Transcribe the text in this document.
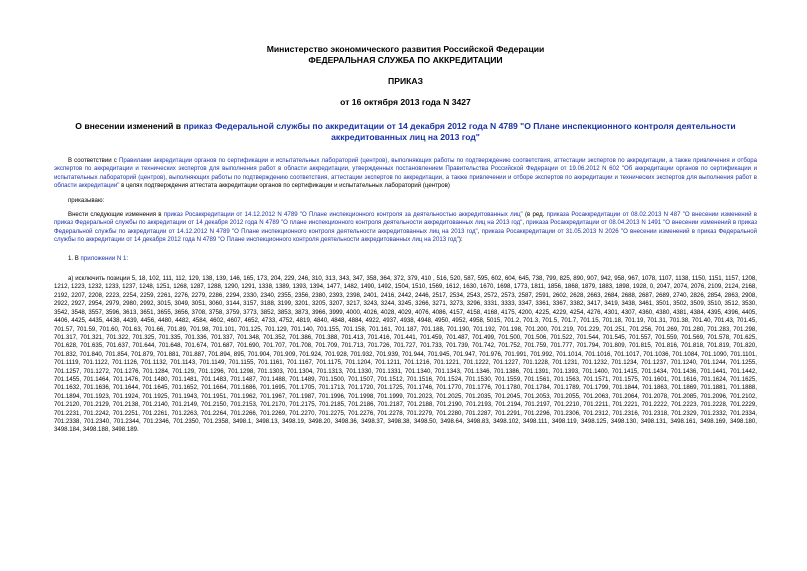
Министерство экономического развития Российской Федерации
ФЕДЕРАЛЬНАЯ СЛУЖБА ПО АККРЕДИТАЦИИ
ПРИКАЗ
от 16 октября 2013 года N 3427
О внесении изменений в приказ Федеральной службы по аккредитации от 14 декабря 2012 года N 4789 "О Плане инспекционного контроля деятельности аккредитованных лиц на 2013 год"
В соответствии с Правилами аккредитации органов по сертификации и испытательных лабораторий (центров), выполняющих работы по подтверждению соответствия, аттестации экспертов по аккредитации, а также привлечения и отбора экспертов по аккредитации и технических экспертов для выполнения работ в области аккредитации, утвержденных постановлением Правительства Российской Федерации от 19.06.2012 N 602 "Об аккредитации органов по сертификации и испытательных лабораторий (центров), выполняющих работы по подтверждению соответствия, аттестации экспертов по аккредитации, а также привлечении и отборе экспертов по аккредитации и технических экспертов для выполнения работ в области аккредитации" в целях подтверждения аттестата аккредитации органов по сертификации и испытательных лабораторий (центров)
приказываю:
Внести следующие изменения в приказ Росаккредитации от 14.12.2012 N 4789 "О Плане инспекционного контроля за деятельностью аккредитованных лиц" (в ред. приказа Росаккредитации от 08.02.2013 N 487 "О внесении изменений в приказ Федеральной службы по аккредитации от 14 декабря 2012 года N 4789 "О плане инспекционного контроля деятельности аккредитованных лиц на 2013 год", приказа Росаккредитации от 08.04.2013 N 1491 "О внесении изменений в приказ Федеральной службы по аккредитации от 14.12.2012 N 4789 "О Плане инспекционного контроля деятельности аккредитованных лиц на 2013 год", приказа Росаккредитации от 31.05.2013 N 2026 "О внесении изменений в приказ Федеральной службы по аккредитации от 14 декабря 2012 года N 4789 "О Плане инспекционного контроля деятельности аккредитованных лиц на 2013 год"):
1. В приложении N 1:
а) исключить позиции 5, 18, 102, 111, 112, 129, 138, 139, 146, 165, 173, 204, 229, 246, 310, 313, 343, 347, 358, 364, 372, 379, 410 , 516, 520, 587, 595, 602, 604, 645, 738, 799, 825, 890, 907, 942, 958, 967, 1078, 1107, 1138, 1150, 1151, 1157, 1208, 1212, 1223, 1232, 1233, 1237, 1248, 1251, 1268, 1287, 1288, 1290, 1291, 1338, 1389, 1393, 1394, 1477, 1482, 1490, 1492, 1504, 1510, 1569, 1612, 1630, 1670, 1698, 1773, 1811, 1856, 1868, 1879, 1883, 1898, 1928, 0, 2047, 2074, 2076, 2109, 2124, 2168, 2192, 2207, 2208, 2223, 2254, 2259, 2261, 2276, 2279, 2286, 2294, 2330, 2340, 2355, 2356, 2380, 2393, 2398, 2401, 2416, 2442, 2446, 2517, 2534, 2543, 2572, 2573, 2587, 2591, 2602, 2628, 2663, 2684, 2688, 2687, 2689, 2740, 2826, 2854, 2863, 2908, 2922, 2927, 2954, 2979, 2980, 2992, 3015, 3049, 3051, 3060, 3144, 3157, 3188, 3199, 3201, 3205, 3207, 3217, 3243, 3244, 3245, 3266, 3271, 3273, 3296, 3331, 3333, 3347, 3361, 3367, 3382, 3417, 3419, 3438, 3461, 3501, 3502, 3509, 3510, 3512, 3530, 3542, 3548, 3557, 3596, 3613, 3651, 3655, 3656, 3708, 3758, 3759, 3773, 3852, 3853, 3873, 3966, 3999, 4000, 4026, 4028, 4029, 4076, 4086, 4157, 4158, 4168, 4175, 4200, 4225, 4229, 4254, 4276, 4301, 4307, 4360, 4380, 4381, 4384, 4395, 4396, 4405, 4406, 4425, 4435, 4438, 4439, 4456, 4480, 4482, 4584, 4602, 4607, 4652, 4733, 4752, 4819, 4840, 4848, 4884, 4922, 4937, 4938, 4948, 4950, 4952, 4958, 5015, 701.2, 701.3, 701.5, 701.7, 701.15, 701.18, 701.19, 701.31, 701.38, 701.40, 701.43, 701.45, 701.57, 701.59, 701.60, 701.63, 701.66, 701.89, 701.98, 701.101, 701.125, 701.129, 701.140, 701.155, 701.158, 701.161, 701.187, 701.188, 701.190, 701.192, 701.198, 701.200, 701.219, 701.229, 701.251, 701.256, 701.269, 701.280, 701.283, 701.298, 701.317, 701.321, 701.322, 701.325, 701.335, 701.336, 701.337, 701.348, 701.352, 701.386, 701.388, 701.413, 701.416, 701.441, 701.459, 701.487, 701.499, 701.500, 701.506, 701.522, 701.544, 701.545, 701.557, 701.559, 701.569, 701.578, 701.625, 701.628, 701.635, 701.637, 701.644, 701.648, 701.674, 701.687, 701.690, 701.707, 701.708, 701.709, 701.713, 701.726, 701.727, 701.733, 701.739, 701.742, 701.752, 701.759, 701.777, 701.794, 701.809, 701.815, 701.816, 701.818, 701.819, 701.820, 701.832, 701.840, 701.854, 701.879, 701.881, 701.887, 701.894, 895, 701.904, 701.909, 701.924, 701.928, 701.932, 701.939, 701.944, 701.945, 701.947, 701.976, 701.991, 701.992, 701.1014, 701.1016, 701.1017, 701.1036, 701.1084, 701.1090, 701.1101, 701.1119, 701.1122, 701.1126, 701.1132, 701.1143, 701.1149, 701.1155, 701.1161, 701.1167, 701.1175, 701.1204, 701.1211, 701.1216, 701.1221, 701.1222, 701.1227, 701.1228, 701.1231, 701.1232, 701.1234, 701.1237, 701.1240, 701.1244, 701.1255, 701.1257, 701.1272, 701.1276, 701.1284, 701.129, 701.1296, 701.1298, 701.1303, 701.1304, 701.1313, 701.1330, 701.1331, 701.1340, 701.1343, 701.1346, 701.1386, 701.1391, 701.1393, 701.1400, 701.1415, 701.1434, 701.1436, 701.1441, 701.1442, 701.1455, 701.1464, 701.1476, 701.1480, 701.1481, 701.1483, 701.1487, 701.1488, 701.1489, 701.1500, 701.1507, 701.1512, 701.1516, 701.1524, 701.1530, 701.1559, 701.1561, 701.1563, 701.1571, 701.1575, 701.1601, 701.1616, 701.1624, 701.1625, 701.1632, 701.1636, 701.1644, 701.1645, 701.1652, 701.1664, 701.1686, 701.1695, 701.1705, 701.1713, 701.1720, 701.1725, 701.1746, 701.1770, 701.1776, 701.1780, 701.1784, 701.1789, 701.1799, 701.1844, 701.1863, 701.1869, 701.1881, 701.1888, 701.1894, 701.1923, 701.1924, 701.1925, 701.1943, 701.1951, 701.1962, 701.1967, 701.1987, 701.1996, 701.1998, 701.1999, 701.2023, 701.2025, 701.2035, 701.2045, 701.2053, 701.2055, 701.2063, 701.2064, 701.2078, 701.2085, 701.2096, 701.2102, 701.2120, 701.2129, 701.2138, 701.2140, 701.2149, 701.2150, 701.2153, 701.2170, 701.2175, 701.2185, 701.2186, 701.2187, 701.2188, 701.2190, 701.2193, 701.2194, 701.2197, 701.2210, 701.2211, 701.2221, 701.2222, 701.2223, 701.2228, 701.2229, 701.2231, 701.2242, 701.2251, 701.2261, 701.2263, 701.2264, 701.2266, 701.2269, 701.2270, 701.2275, 701.2276, 701.2278, 701.2279, 701.2280, 701.2287, 701.2291, 701.2296, 701.2306, 701.2312, 701.2316, 701.2318, 701.2329, 701.2332, 701.2334, 701.2338, 701.2340, 701.2344, 701.2346, 701.2350, 701.2358, 3498.1, 3498.13, 3498.19, 3498.20, 3498.36, 3498.37, 3498.38, 3498.50, 3498.64, 3498.83, 3498.102, 3498.111, 3498.119, 3498.125, 3498.130, 3498.131, 3498.161, 3498.169, 3498.180, 3498.184, 3498.188, 3498.189.
